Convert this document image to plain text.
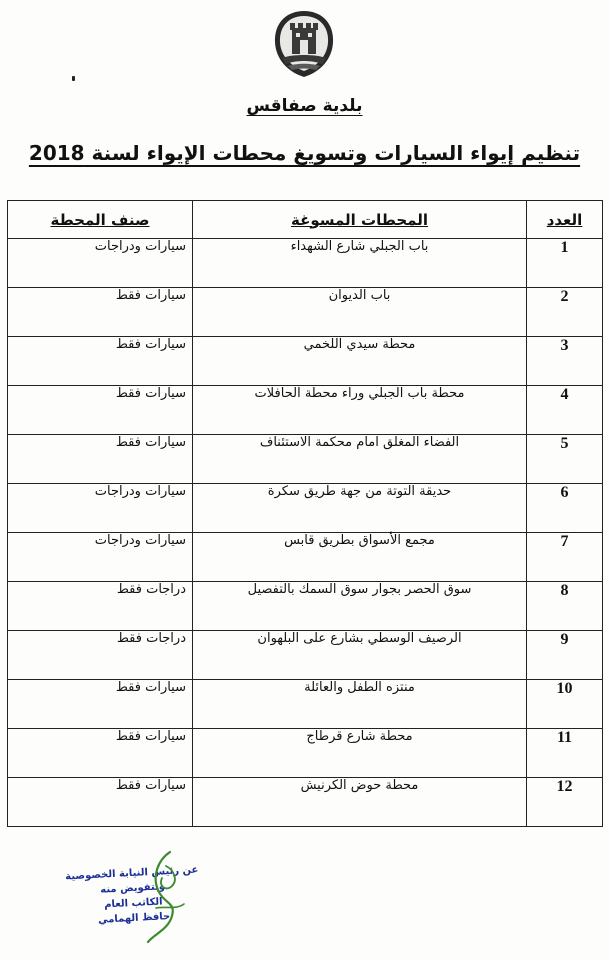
بلدية صفاقس
تنظيم إيواء السيارات وتسويغ محطات الإيواء لسنة 2018
العدد	المحطات المسوغة	صنف المحطة
1	باب الجبلي شارع الشهداء	سيارات ودراجات
2	باب الديوان	سيارات فقط
3	محطة سيدي اللخمي	سيارات فقط
4	محطة باب الجبلي وراء محطة الحافلات	سيارات فقط
5	الفضاء المغلق امام محكمة الاستئناف	سيارات فقط
6	حديقة التوتة من جهة طريق سكرة	سيارات ودراجات
7	مجمع الأسواق بطريق قابس	سيارات ودراجات
8	سوق الحصر بجوار سوق السمك بالتفصيل	دراجات فقط
9	الرصيف الوسطي بشارع على البلهوان	دراجات فقط
10	منتزه الطفل والعائلة	سيارات فقط
11	محطة شارع قرطاج	سيارات فقط
12	محطة حوض الكرنيش	سيارات فقط
عن رئيس النيابة الخصوصية
وبتفويض منه
الكاتب العام
حافظ الهمامي
